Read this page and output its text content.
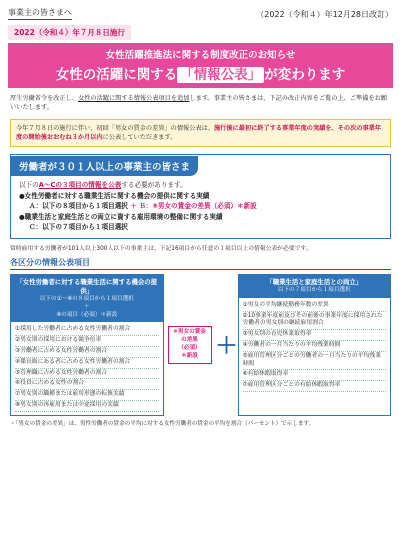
事業主の皆さまへ	（2022（令和４）年12月28日改訂）
2022（令和４）年７月８日施行
女性活躍推進法に関する制度改正のお知らせ
女性の活躍に関する 「情報公表」 が変わります
厚生労働省令を改正し、女性の活躍に関する情報公表項目を追加します。事業主の皆さまは、下記の改正内容をご覧の上、ご準備をお願いいたします。
今年７月８日の施行に伴い、初回「男女の賃金の差異」の情報公表は、施行後に最初に終了する事業年度の実績を、その次の事業年度の開始後おおむね３か月以内に公表していただきます。
労働者が３０１人以上の事業主の皆さま
以下のA～Cの３項目の情報を公表する必要があります。
●女性労働者に対する職業生活に関する機会の提供に関する実績
Ａ：以下の８項目から１項目選択 ＋ Ｂ：⑨男女の賃金の差異（必須）＊新設
●職業生活と家庭生活との両立に資する雇用環境の整備に関する実績
Ｃ：以下の７項目から１項目選択
常時雇用する労働者が101人以上300人以下の事業主は、下記16項目から任意の１項目以上の情報公表が必要です。
各区分の情報公表項目
「女性労働者に対する職業生活に関する機会の提供」
以下の①～⑧の８項目から１項目選択
＋
⑨の項目（必須）＊新設
①採用した労働者に占める女性労働者の割合
②男女別の採用における競争倍率
③労働者に占める女性労働者の割合
④係長級にある者に占める女性労働者の割合
⑤管理職に占める女性労働者の割合
⑥役員に占める女性の割合
⑦男女別の職種または雇用形態の転換実績
⑧男女別の再雇用または中途採用の実績
⑨男女の賃金の差異
（必須）
＊新設 ＋
「職業生活と家庭生活との両立」
以下の７項目から１項目選択
①男女の平均継続勤務年数の差異
②10事業年度前及びその前後の事業年度に採用された労働者の男女別の継続雇用割合
③男女別の育児休業取得率
④労働者の一月当たりの平均残業時間
⑤雇用管理区分ごとの労働者の一月当たりの平均残業時間
⑥有給休暇取得率
⑦雇用管理区分ごとの有給休暇取得率
・「男女の賃金の差異」は、男性労働者の賃金の平均に対する女性労働者の賃金の平均を割合（パーセント）で示します。
